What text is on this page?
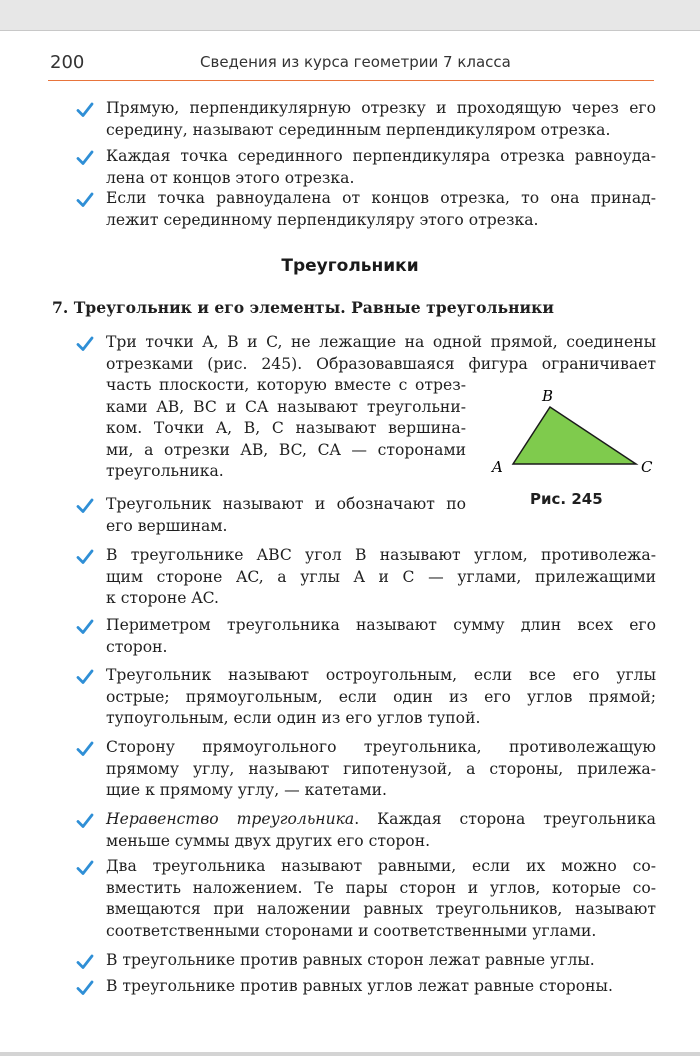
200	Сведения из курса геометрии 7 класса
Прямую, перпендикулярную отрезку и проходящую через его
середину, называют серединным перпендикуляром отрезка.
Каждая точка серединного перпендикуляра отрезка равноуда-
лена от концов этого отрезка.
Если точка равноудалена от концов отрезка, то она принад-
лежит серединному перпендикуляру этого отрезка.
Треугольники
7. Треугольник и его элементы. Равные треугольники
Три точки A, B и C, не лежащие на одной прямой, соединены
отрезками (рис. 245). Образовавшаяся фигура ограничивает
часть плоскости, которую вместе с отрез-
ками AB, BC и CA называют треугольни-
ком. Точки A, B, C называют вершина-
ми, а отрезки AB, BC, CA — сторонами
треугольника.
Треугольник называют и обозначают по
его вершинам.
В треугольнике ABC угол B называют углом, противолежа-
щим стороне AC, а углы A и C — углами, прилежащими
к стороне AC.
Периметром треугольника называют сумму длин всех его
сторон.
Треугольник называют остроугольным, если все его углы
острые; прямоугольным, если один из его углов прямой;
тупоугольным, если один из его углов тупой.
Сторону прямоугольного треугольника, противолежащую
прямому углу, называют гипотенузой, а стороны, прилежа-
щие к прямому углу, — катетами.
Неравенство треугольника. Каждая сторона треугольника
меньше суммы двух других его сторон.
Два треугольника называют равными, если их можно со-
вместить наложением. Те пары сторон и углов, которые со-
вмещаются при наложении равных треугольников, называют
соответственными сторонами и соответственными углами.
В треугольнике против равных сторон лежат равные углы.
В треугольнике против равных углов лежат равные стороны.
A
B
C
Рис. 245
